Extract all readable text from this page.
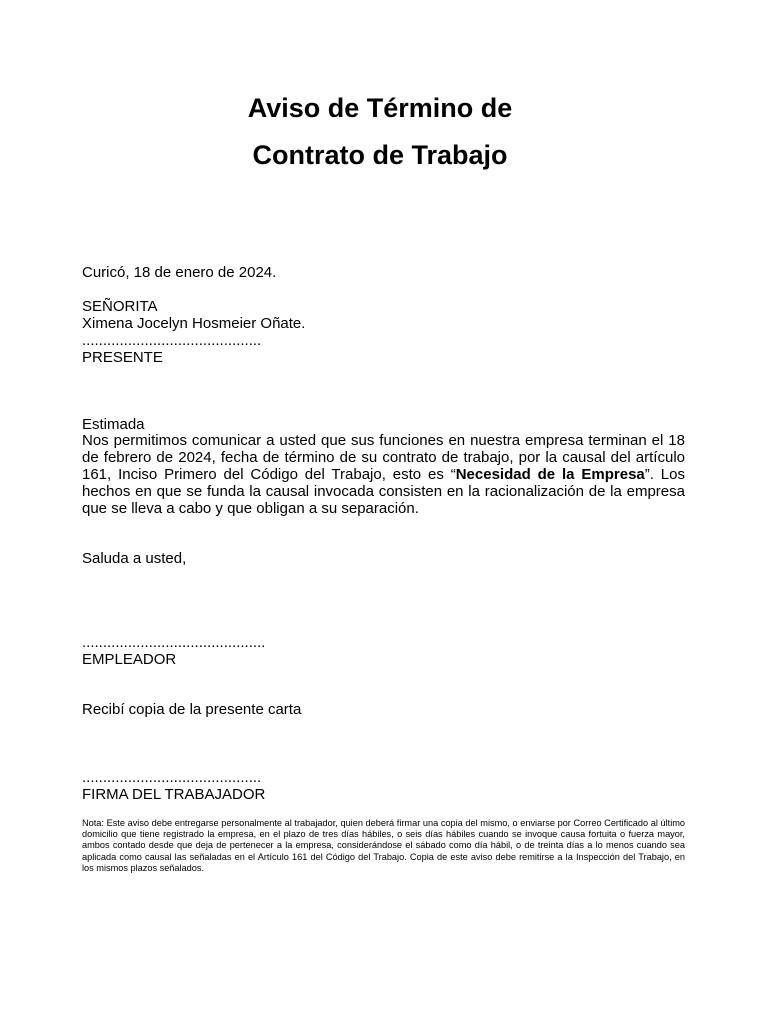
Aviso de Término de
Contrato de Trabajo

Curicó, 18 de enero de 2024.

SEÑORITA

Ximena Jocelyn Hosmeier Oñate.

...........................................

PRESENTE

Estimada

Nos permitimos comunicar a usted que sus funciones en nuestra empresa terminan el 18 de febrero de 2024, fecha de término de su contrato de trabajo, por la causal del artículo 161, Inciso Primero del Código del Trabajo, esto es “Necesidad de la Empresa”. Los hechos en que se funda la causal invocada consisten en la racionalización de la empresa que se lleva a cabo y que obligan a su separación.

Saluda a usted,

............................................

EMPLEADOR

Recibí copia de la presente carta

...........................................

FIRMA DEL TRABAJADOR

Nota: Este aviso debe entregarse personalmente al trabajador, quien deberá firmar una copia del mismo, o enviarse por Correo Certificado al último domicilio que tiene registrado la empresa, en el plazo de tres días hábiles, o seis días hábiles cuando se invoque causa fortuita o fuerza mayor, ambos contado desde que deja de pertenecer a la empresa, considerándose el sábado como día hábil, o de treinta días a lo menos cuando sea aplicada como causal las señaladas en el Artículo 161 del Código del Trabajo. Copia de este aviso debe remitirse a la Inspección del Trabajo, en los mismos plazos señalados.
